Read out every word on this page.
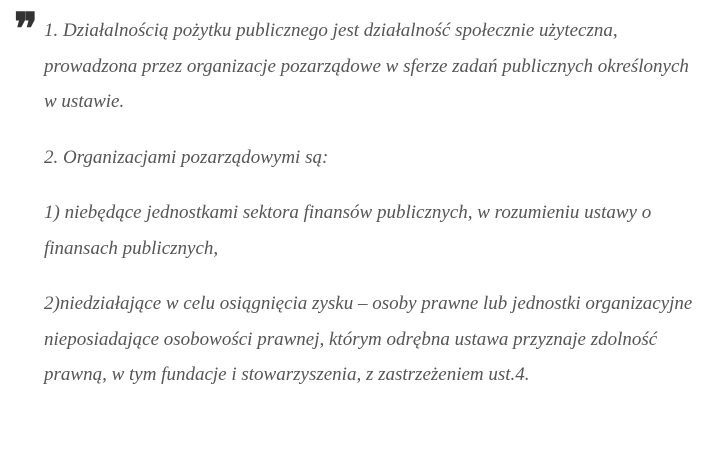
❞ 1. Działalnością pożytku publicznego jest działalność społecznie użyteczna, prowadzona przez organizacje pozarządowe w sferze zadań publicznych określonych w ustawie.

2. Organizacjami pozarządowymi są:

1) niebędące jednostkami sektora finansów publicznych, w rozumieniu ustawy o finansach publicznych,

2)niedziałające w celu osiągnięcia zysku – osoby prawne lub jednostki organizacyjne nieposiadające osobowości prawnej, którym odrębna ustawa przyznaje zdolność prawną, w tym fundacje i stowarzyszenia, z zastrzeżeniem ust.4.
